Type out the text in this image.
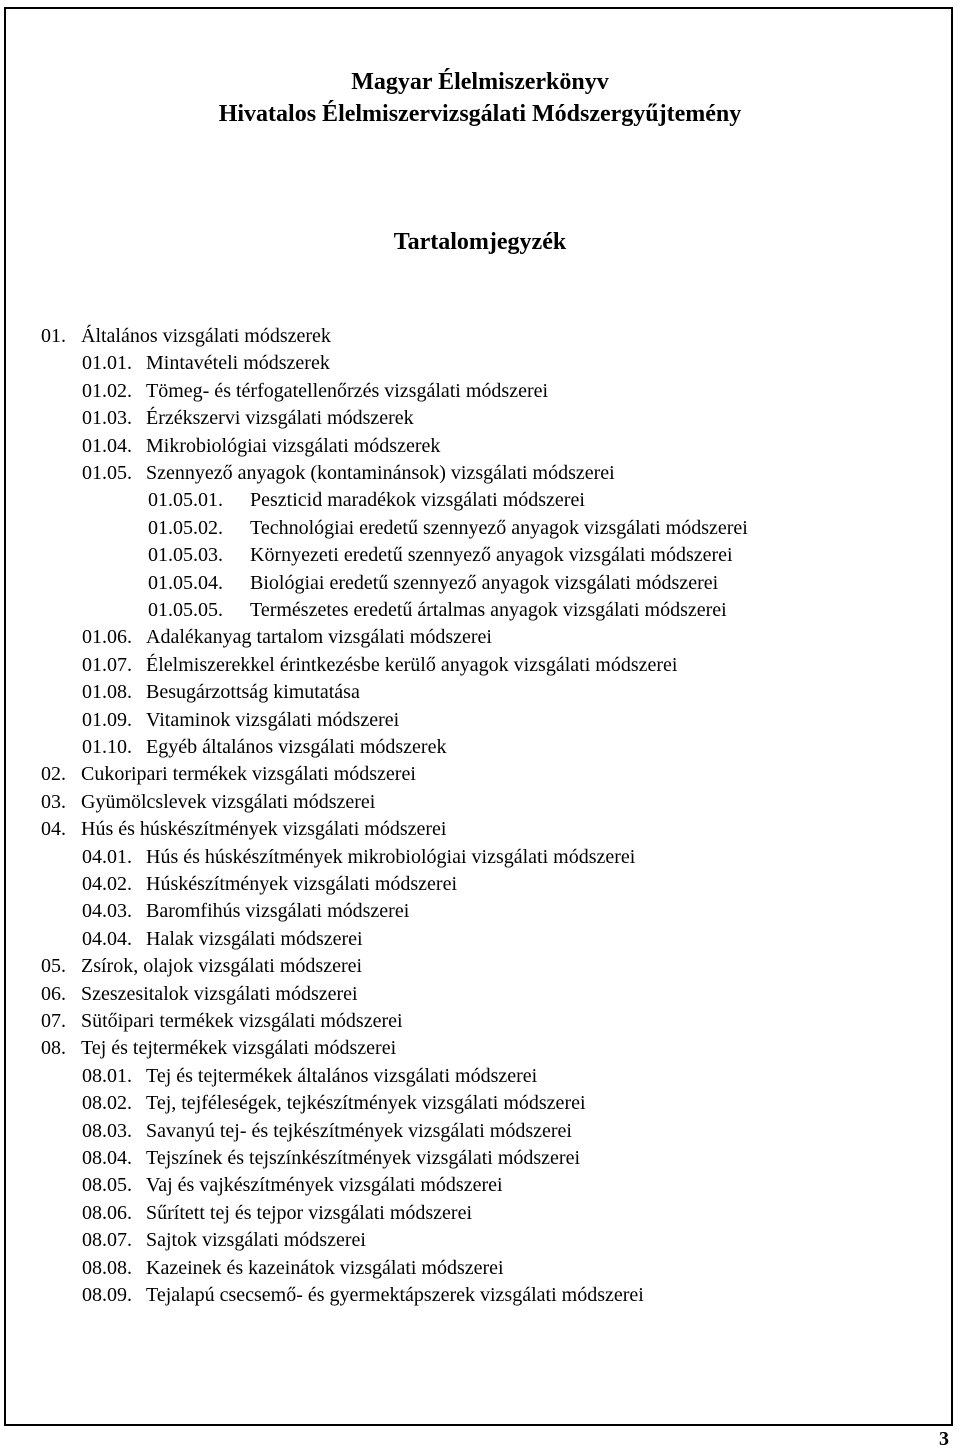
Magyar Élelmiszerkönyv
Hivatalos Élelmiszervizsgálati Módszergyűjtemény
Tartalomjegyzék
01. Általános vizsgálati módszerek
01.01. Mintavételi módszerek
01.02. Tömeg- és térfogatellenőrzés vizsgálati módszerei
01.03. Érzékszervi vizsgálati módszerek
01.04. Mikrobiológiai vizsgálati módszerek
01.05. Szennyező anyagok (kontaminánsok) vizsgálati módszerei
01.05.01. Peszticid maradékok vizsgálati módszerei
01.05.02. Technológiai eredetű szennyező anyagok vizsgálati módszerei
01.05.03. Környezeti eredetű szennyező anyagok vizsgálati módszerei
01.05.04. Biológiai eredetű szennyező anyagok vizsgálati módszerei
01.05.05. Természetes eredetű ártalmas anyagok vizsgálati módszerei
01.06. Adalékanyag tartalom vizsgálati módszerei
01.07. Élelmiszerekkel érintkezésbe kerülő anyagok vizsgálati módszerei
01.08. Besugárzottság kimutatása
01.09. Vitaminok vizsgálati módszerei
01.10. Egyéb általános vizsgálati módszerek
02. Cukoripari termékek vizsgálati módszerei
03. Gyümölcslevek vizsgálati módszerei
04. Hús és húskészítmények vizsgálati módszerei
04.01. Hús és húskészítmények mikrobiológiai vizsgálati módszerei
04.02. Húskészítmények vizsgálati módszerei
04.03. Baromfihús vizsgálati módszerei
04.04. Halak vizsgálati módszerei
05. Zsírok, olajok vizsgálati módszerei
06. Szeszesitalok vizsgálati módszerei
07. Sütőipari termékek vizsgálati módszerei
08. Tej és tejtermékek vizsgálati módszerei
08.01. Tej és tejtermékek általános vizsgálati módszerei
08.02. Tej, tejféleségek, tejkészítmények vizsgálati módszerei
08.03. Savanyú tej- és tejkészítmények vizsgálati módszerei
08.04. Tejszínek és tejszínkészítmények vizsgálati módszerei
08.05. Vaj és vajkészítmények vizsgálati módszerei
08.06. Sűrített tej és tejpor vizsgálati módszerei
08.07. Sajtok vizsgálati módszerei
08.08. Kazeinek és kazeinátok vizsgálati módszerei
08.09. Tejalapú csecsemő- és gyermektápszerek vizsgálati módszerei
3
